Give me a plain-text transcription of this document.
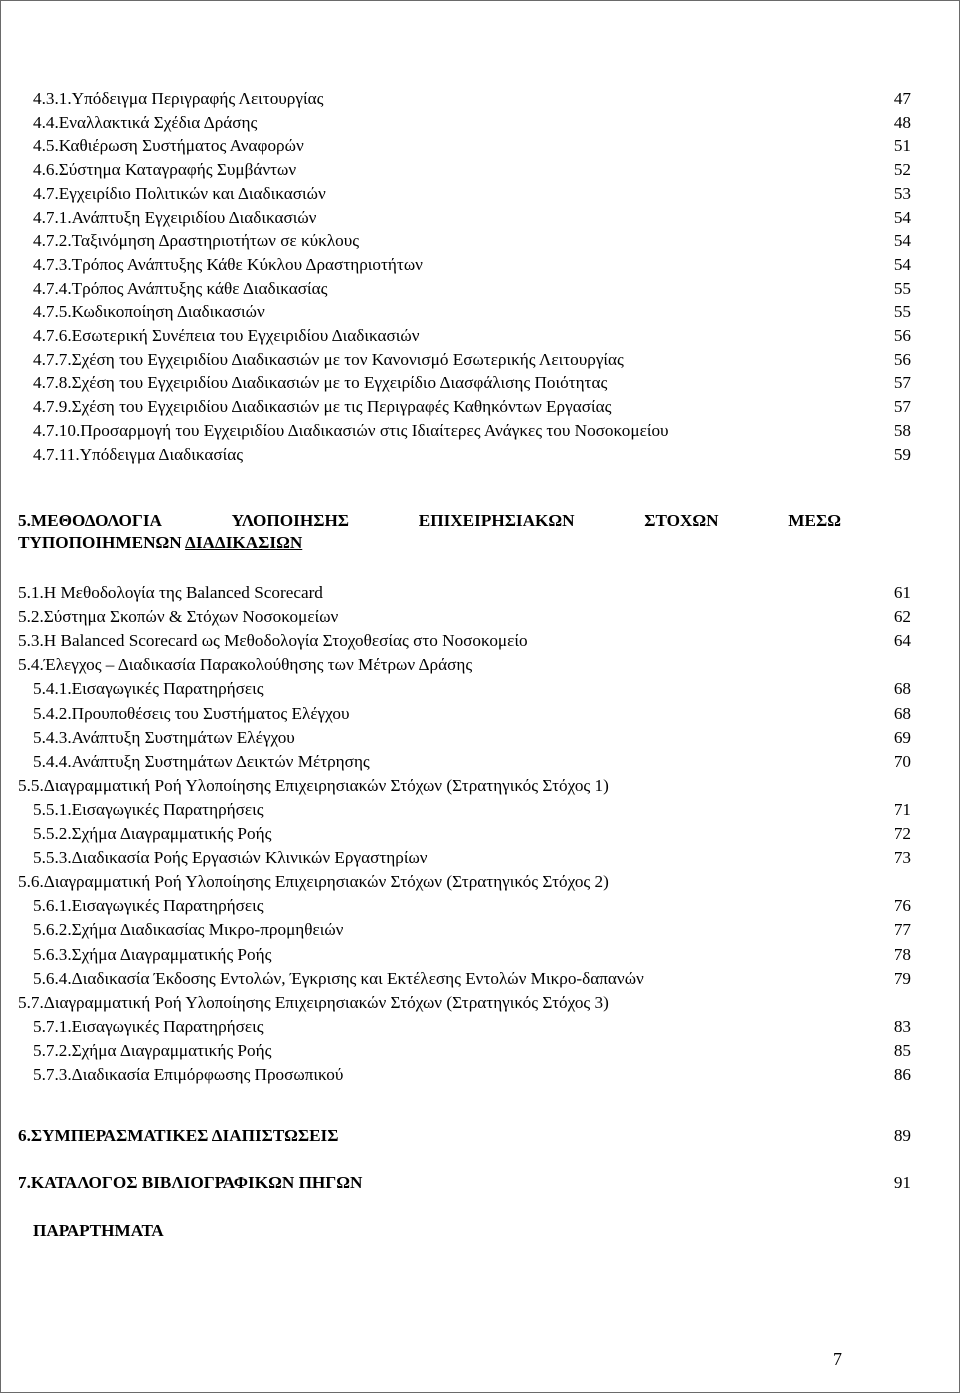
4.3.1.Υπόδειγμα Περιγραφής Λειτουργίας	47
4.4.Εναλλακτικά Σχέδια Δράσης	48
4.5.Καθιέρωση Συστήματος Αναφορών	51
4.6.Σύστημα Καταγραφής Συμβάντων	52
4.7.Εγχειρίδιο Πολιτικών και Διαδικασιών	53
4.7.1.Ανάπτυξη Εγχειριδίου Διαδικασιών	54
4.7.2.Ταξινόμηση Δραστηριοτήτων σε κύκλους	54
4.7.3.Τρόπος Ανάπτυξης Κάθε Κύκλου Δραστηριοτήτων	54
4.7.4.Τρόπος Ανάπτυξης κάθε Διαδικασίας	55
4.7.5.Κωδικοποίηση Διαδικασιών	55
4.7.6.Εσωτερική Συνέπεια του Εγχειριδίου Διαδικασιών	56
4.7.7.Σχέση του Εγχειριδίου Διαδικασιών με τον Κανονισμό Εσωτερικής Λειτουργίας	56
4.7.8.Σχέση του Εγχειριδίου Διαδικασιών με το Εγχειρίδιο Διασφάλισης Ποιότητας	57
4.7.9.Σχέση του Εγχειριδίου Διαδικασιών με τις Περιγραφές Καθηκόντων Εργασίας	57
4.7.10.Προσαρμογή του Εγχειριδίου Διαδικασιών στις Ιδιαίτερες Ανάγκες του Νοσοκομείου	58
4.7.11.Υπόδειγμα Διαδικασίας	59
5.1.Η Μεθοδολογία της Balanced Scorecard	61
5.2.Σύστημα Σκοπών & Στόχων Νοσοκομείων	62
5.3.Η Balanced Scorecard ως Μεθοδολογία Στοχοθεσίας στο Νοσοκομείο	64
5.4.Έλεγχος – Διαδικασία Παρακολούθησης των Μέτρων Δράσης
5.4.1.Εισαγωγικές Παρατηρήσεις	68
5.4.2.Προυποθέσεις του Συστήματος Ελέγχου	68
5.4.3.Ανάπτυξη Συστημάτων Ελέγχου	69
5.4.4.Ανάπτυξη Συστημάτων Δεικτών Μέτρησης	70
5.5.Διαγραμματική Ροή Υλοποίησης Επιχειρησιακών Στόχων (Στρατηγικός Στόχος 1)
5.5.1.Εισαγωγικές Παρατηρήσεις	71
5.5.2.Σχήμα Διαγραμματικής Ροής	72
5.5.3.Διαδικασία Ροής Εργασιών Κλινικών Εργαστηρίων	73
5.6.Διαγραμματική Ροή Υλοποίησης Επιχειρησιακών Στόχων (Στρατηγικός Στόχος 2)
5.6.1.Εισαγωγικές Παρατηρήσεις	76
5.6.2.Σχήμα Διαδικασίας Μικρο-προμηθειών	77
5.6.3.Σχήμα Διαγραμματικής Ροής	78
5.6.4.Διαδικασία Έκδοσης Εντολών, Έγκρισης και Εκτέλεσης Εντολών Μικρο-δαπανών	79
5.7.Διαγραμματική Ροή Υλοποίησης Επιχειρησιακών Στόχων (Στρατηγικός Στόχος 3)
5.7.1.Εισαγωγικές Παρατηρήσεις	83
5.7.2.Σχήμα Διαγραμματικής Ροής	85
5.7.3.Διαδικασία Επιμόρφωσης Προσωπικού	86
5.ΜΕΘΟΔΟΛΟΓΙΑ	ΥΛΟΠΟΙΗΣΗΣ	ΕΠΙΧΕΙΡΗΣΙΑΚΩΝ	ΣΤΟΧΩΝ	ΜΕΣΩ
ΤΥΠΟΠΟΙΗΜΕΝΩΝ ΔΙΑΔΙΚΑΣΙΩΝ
6.ΣΥΜΠΕΡΑΣΜΑΤΙΚΕΣ ΔΙΑΠΙΣΤΩΣΕΙΣ	89
7.ΚΑΤΑΛΟΓΟΣ ΒΙΒΛΙΟΓΡΑΦΙΚΩΝ ΠΗΓΩΝ	91
ΠΑΡΑΡΤΗΜΑΤΑ
7
